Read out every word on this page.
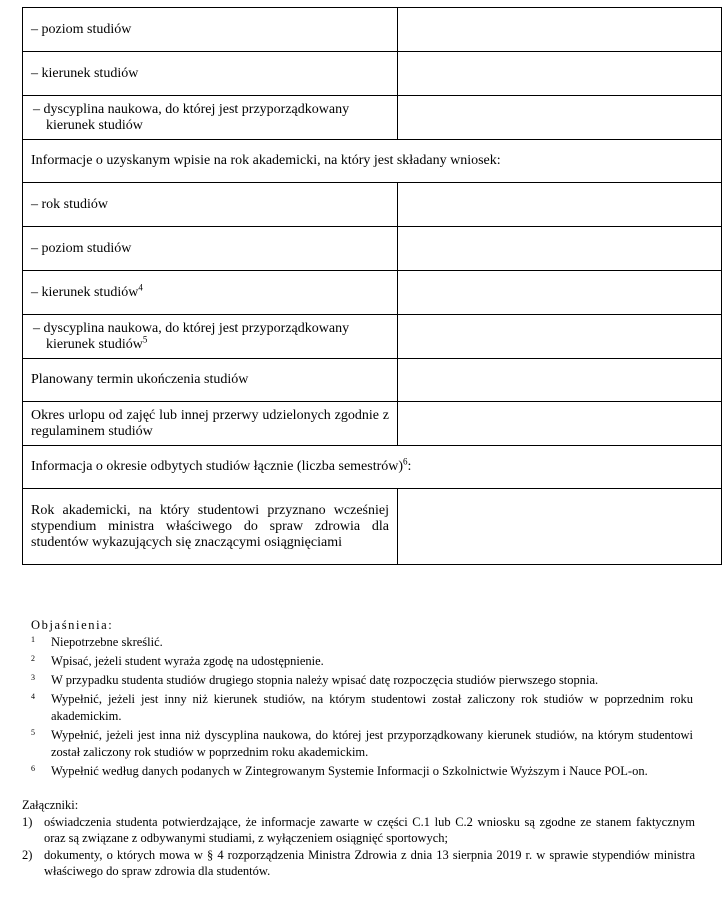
– poziom studiów	
– kierunek studiów	
– dyscyplina naukowa, do której jest przyporządkowany
kierunek studiów	

Informacje o uzyskanym wpisie na rok akademicki, na który jest składany wniosek:	
– rok studiów	
– poziom studiów	
– kierunek studiów$^4$	
– dyscyplina naukowa, do której jest przyporządkowany
kierunek studiów$^5$

Planowany termin ukończenia studiów	
Okres urlopu od zajęć lub innej przerwy udzielonych zgodnie z regulaminem studiów	
Informacja o okresie odbytych studiów łącznie (liczba semestrów)$^6$:	
Rok akademicki, na który studentowi przyznano wcześniej stypendium ministra właściwego do spraw zdrowia dla studentów wykazujących się znaczącymi osiągnięciami	
Objaśnienia:
1	Niepotrzebne skreślić.
2	Wpisać, jeżeli student wyraża zgodę na udostępnienie.
3	W przypadku studenta studiów drugiego stopnia należy wpisać datę rozpoczęcia studiów pierwszego stopnia.
4	Wypełnić, jeżeli jest inny niż kierunek studiów, na którym studentowi został zaliczony rok studiów w poprzednim roku akademickim.
5	Wypełnić, jeżeli jest inna niż dyscyplina naukowa, do której jest przyporządkowany kierunek studiów, na którym studentowi został zaliczony rok studiów w poprzednim roku akademickim.
6	Wypełnić według danych podanych w Zintegrowanym Systemie Informacji o Szkolnictwie Wyższym i Nauce POL-on.
Załączniki:
1) oświadczenia studenta potwierdzające, że informacje zawarte w części C.1 lub C.2 wniosku są zgodne ze stanem faktycznym oraz są związane z odbywanymi studiami, z wyłączeniem osiągnięć sportowych;
2) dokumenty, o których mowa w § 4 rozporządzenia Ministra Zdrowia z dnia 13 sierpnia 2019 r. w sprawie stypendiów ministra właściwego do spraw zdrowia dla studentów.
